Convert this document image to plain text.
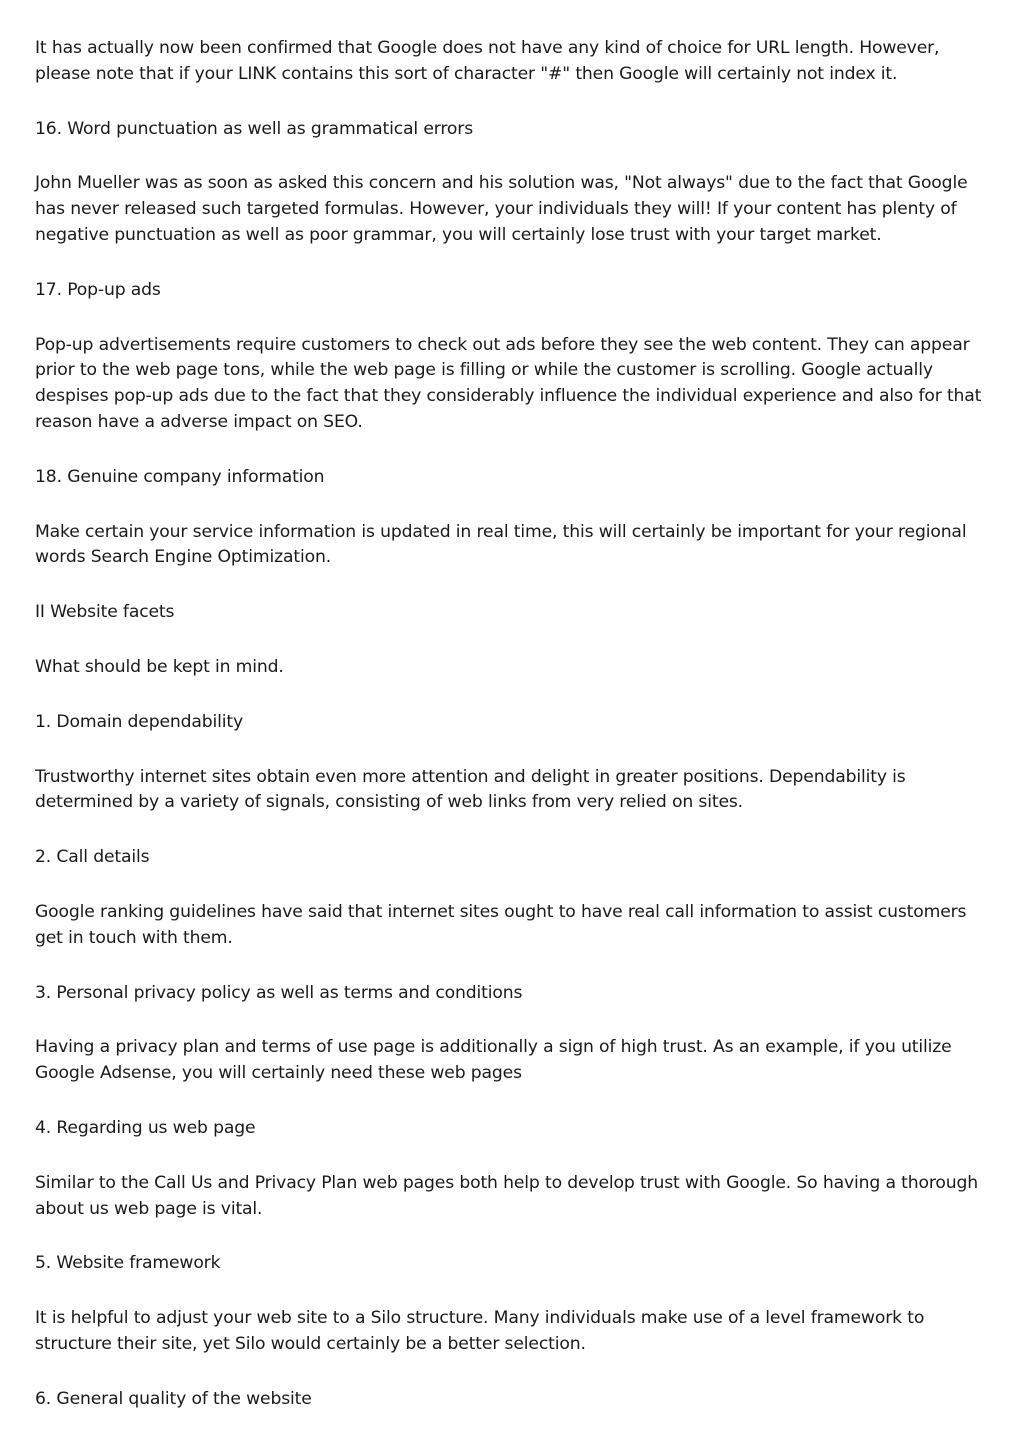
It has actually now been confirmed that Google does not have any kind of choice for URL length. However, please note that if your LINK contains this sort of character "#" then Google will certainly not index it.

16. Word punctuation as well as grammatical errors

John Mueller was as soon as asked this concern and his solution was, "Not always" due to the fact that Google has never released such targeted formulas. However, your individuals they will! If your content has plenty of negative punctuation as well as poor grammar, you will certainly lose trust with your target market.

17. Pop-up ads

Pop-up advertisements require customers to check out ads before they see the web content. They can appear prior to the web page tons, while the web page is filling or while the customer is scrolling. Google actually despises pop-up ads due to the fact that they considerably influence the individual experience and also for that reason have a adverse impact on SEO.

18. Genuine company information

Make certain your service information is updated in real time, this will certainly be important for your regional words Search Engine Optimization.

II Website facets

What should be kept in mind.

1. Domain dependability

Trustworthy internet sites obtain even more attention and delight in greater positions. Dependability is determined by a variety of signals, consisting of web links from very relied on sites.

2. Call details

Google ranking guidelines have said that internet sites ought to have real call information to assist customers get in touch with them.

3. Personal privacy policy as well as terms and conditions

Having a privacy plan and terms of use page is additionally a sign of high trust. As an example, if you utilize Google Adsense, you will certainly need these web pages

4. Regarding us web page

Similar to the Call Us and Privacy Plan web pages both help to develop trust with Google. So having a thorough about us web page is vital.

5. Website framework

It is helpful to adjust your web site to a Silo structure. Many individuals make use of a level framework to structure their site, yet Silo would certainly be a better selection.

6. General quality of the website
